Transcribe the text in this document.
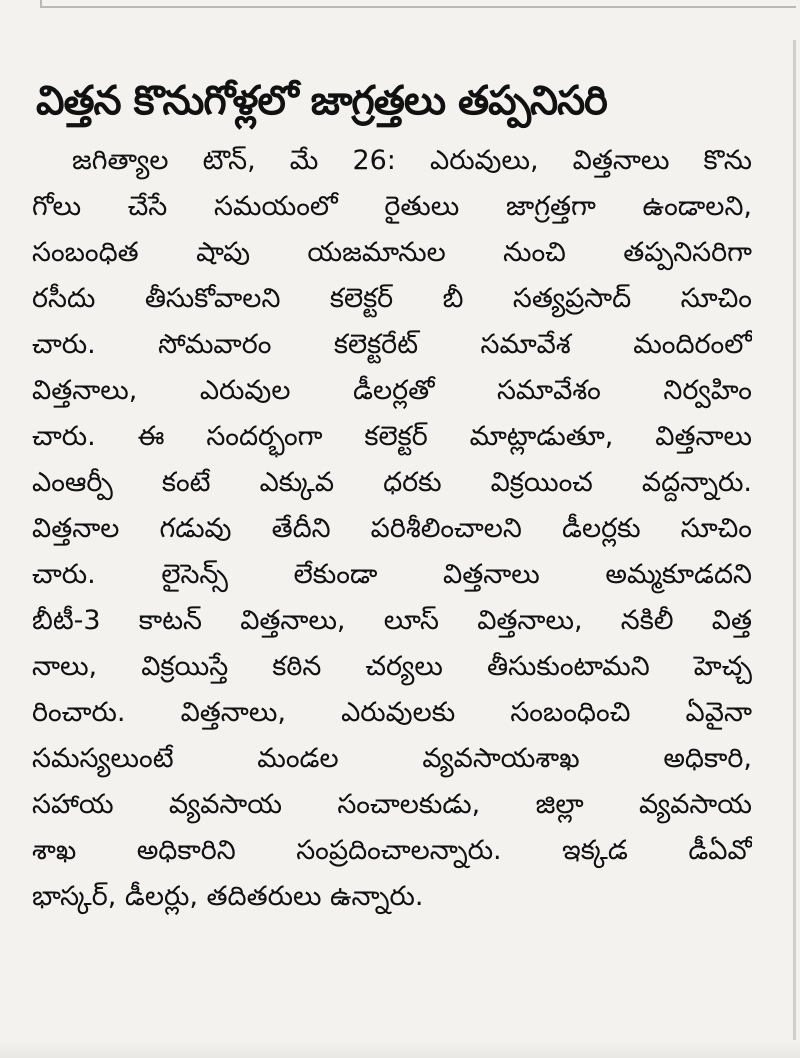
విత్తన కొనుగోళ్లలో జాగ్రత్తలు తప్పనిసరి
జగిత్యాల టౌన్, మే 26: ఎరువులు, విత్తనాలు కొను
గోలు చేసే సమయంలో రైతులు జాగ్రత్తగా ఉండాలని,
సంబంధిత షాపు యజమానుల నుంచి తప్పనిసరిగా
రసీదు తీసుకోవాలని కలెక్టర్ బీ సత్యప్రసాద్ సూచిం
చారు. సోమవారం కలెక్టరేట్ సమావేశ మందిరంలో
విత్తనాలు, ఎరువుల డీలర్లతో సమావేశం నిర్వహిం
చారు. ఈ సందర్భంగా కలెక్టర్ మాట్లాడుతూ, విత్తనాలు
ఎంఆర్పీ కంటే ఎక్కువ ధరకు విక్రయించ వద్దన్నారు.
విత్తనాల గడువు తేదీని పరిశీలించాలని డీలర్లకు సూచిం
చారు. లైసెన్స్ లేకుండా విత్తనాలు అమ్మకూడదని
బీటీ-3 కాటన్ విత్తనాలు, లూస్ విత్తనాలు, నకిలీ విత్త
నాలు, విక్రయిస్తే కఠిన చర్యలు తీసుకుంటామని హెచ్చ
రించారు. విత్తనాలు, ఎరువులకు సంబంధించి ఏవైనా
సమస్యలుంటే మండల వ్యవసాయశాఖ అధికారి,
సహాయ వ్యవసాయ సంచాలకుడు, జిల్లా వ్యవసాయ
శాఖ అధికారిని సంప్రదించాలన్నారు. ఇక్కడ డీఏవో
భాస్కర్, డీలర్లు, తదితరులు ఉన్నారు.
